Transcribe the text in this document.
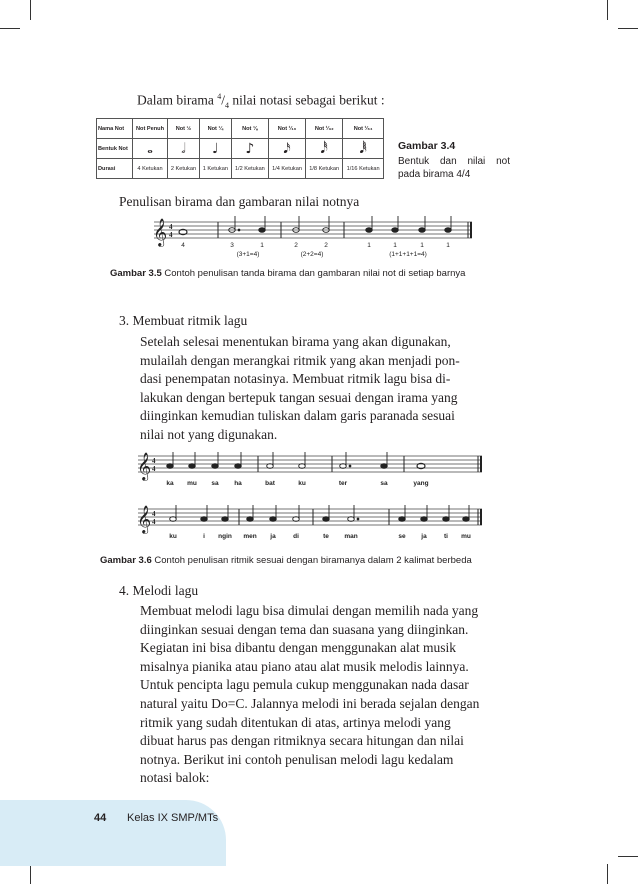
Dalam birama $^4/_4$ nilai notasi sebagai berikut :
Nama Not	Not Penuh	Not ½	Not ¼	Not ⅛	Not ¹⁄₁₆	Not ¹⁄₃₂	Not ¹⁄₆₄
Bentuk Not	𝅝	𝅗𝅥	♩	♪	𝅘𝅥𝅯	𝅘𝅥𝅰	𝅘𝅥𝅱
Durasi	4 Ketukan	2 Ketukan	1 Ketukan	1/2 Ketukan	1/4 Ketukan	1/8 Ketukan	1/16 Ketukan
Gambar 3.4
Bentuk dan nilai not pada birama 4/4
Penulisan birama dan gambaran nilai notnya
𝄞 4
4
4	3	1	2	2	1	1	1	1
(3+1=4)	(2+2=4)	(1+1+1+1=4)
Gambar 3.5 Contoh penulisan tanda birama dan gambaran nilai not di setiap barnya
3. Membuat ritmik lagu
Setelah selesai menentukan birama yang akan digunakan,
mulailah dengan merangkai ritmik yang akan menjadi pon-
dasi penempatan notasinya. Membuat ritmik lagu bisa di-
lakukan dengan bertepuk tangan sesuai dengan irama yang
diinginkan kemudian tuliskan dalam garis paranada sesuai
nilai not yang digunakan.
𝄞 4
4
ka mu sa ha	bat	ku	ter	sa	yang
𝄞 4
4
ku	i ngin men ja	di	te man	se ja	ti mu
Gambar 3.6 Contoh penulisan ritmik sesuai dengan biramanya dalam 2 kalimat berbeda
4. Melodi lagu
Membuat melodi lagu bisa dimulai dengan memilih nada yang
diinginkan sesuai dengan tema dan suasana yang diinginkan.
Kegiatan ini bisa dibantu dengan menggunakan alat musik
misalnya pianika atau piano atau alat musik melodis lainnya.
Untuk pencipta lagu pemula cukup menggunakan nada dasar
natural yaitu Do=C. Jalannya melodi ini berada sejalan dengan
ritmik yang sudah ditentukan di atas, artinya melodi yang
dibuat harus pas dengan ritmiknya secara hitungan dan nilai
notnya. Berikut ini contoh penulisan melodi lagu kedalam
notasi balok:
44 Kelas IX SMP/MTs
